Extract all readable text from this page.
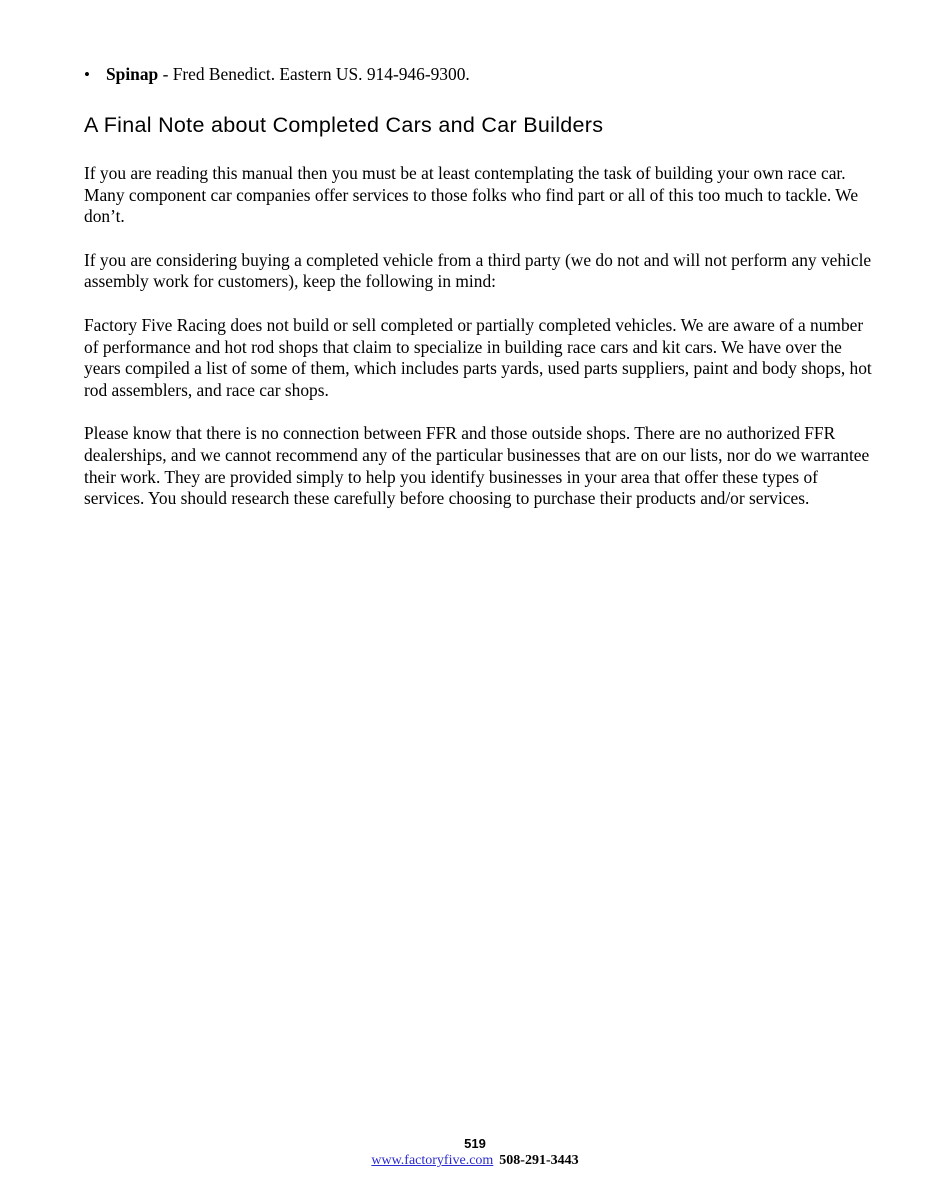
• Spinap - Fred Benedict. Eastern US. 914-946-9300.

A Final Note about Completed Cars and Car Builders

If you are reading this manual then you must be at least contemplating the task of building your own race car. Many component car companies offer services to those folks who find part or all of this too much to tackle. We don’t.

If you are considering buying a completed vehicle from a third party (we do not and will not perform any vehicle assembly work for customers), keep the following in mind:

Factory Five Racing does not build or sell completed or partially completed vehicles. We are aware of a number of performance and hot rod shops that claim to specialize in building race cars and kit cars. We have over the years compiled a list of some of them, which includes parts yards, used parts suppliers, paint and body shops, hot rod assemblers, and race car shops.

Please know that there is no connection between FFR and those outside shops. There are no authorized FFR dealerships, and we cannot recommend any of the particular businesses that are on our lists, nor do we warrantee their work. They are provided simply to help you identify businesses in your area that offer these types of services. You should research these carefully before choosing to purchase their products and/or services.

519
www.factoryfive.com 508-291-3443
